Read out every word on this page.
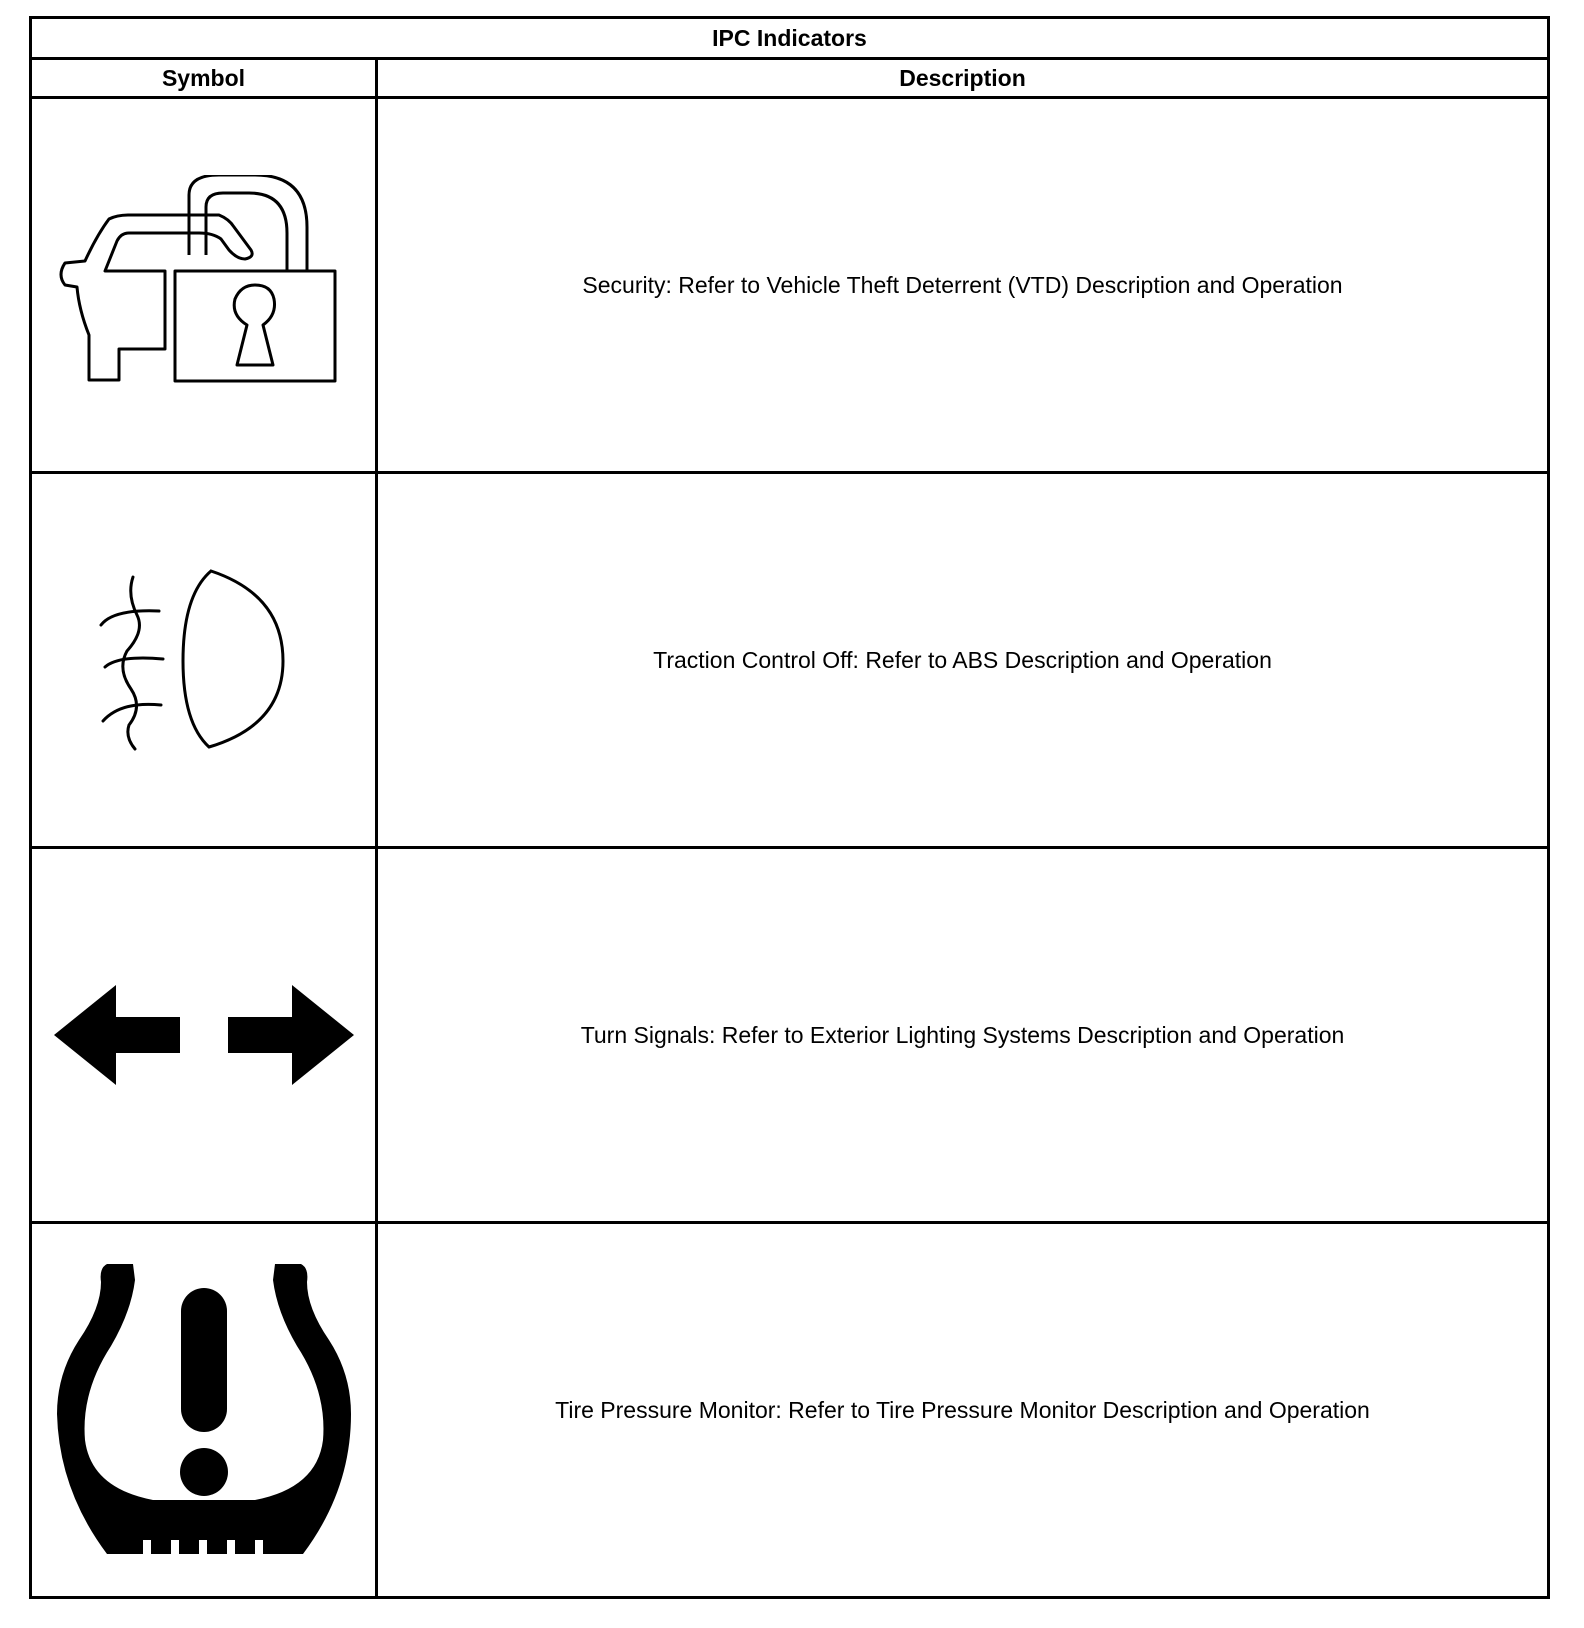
IPC Indicators	
Symbol	Description

	Security: Refer to Vehicle Theft Deterrent (VTD) Description and Operation

	Traction Control Off: Refer to ABS Description and Operation

	Turn Signals: Refer to Exterior Lighting Systems Description and Operation

	Tire Pressure Monitor: Refer to Tire Pressure Monitor Description and Operation
